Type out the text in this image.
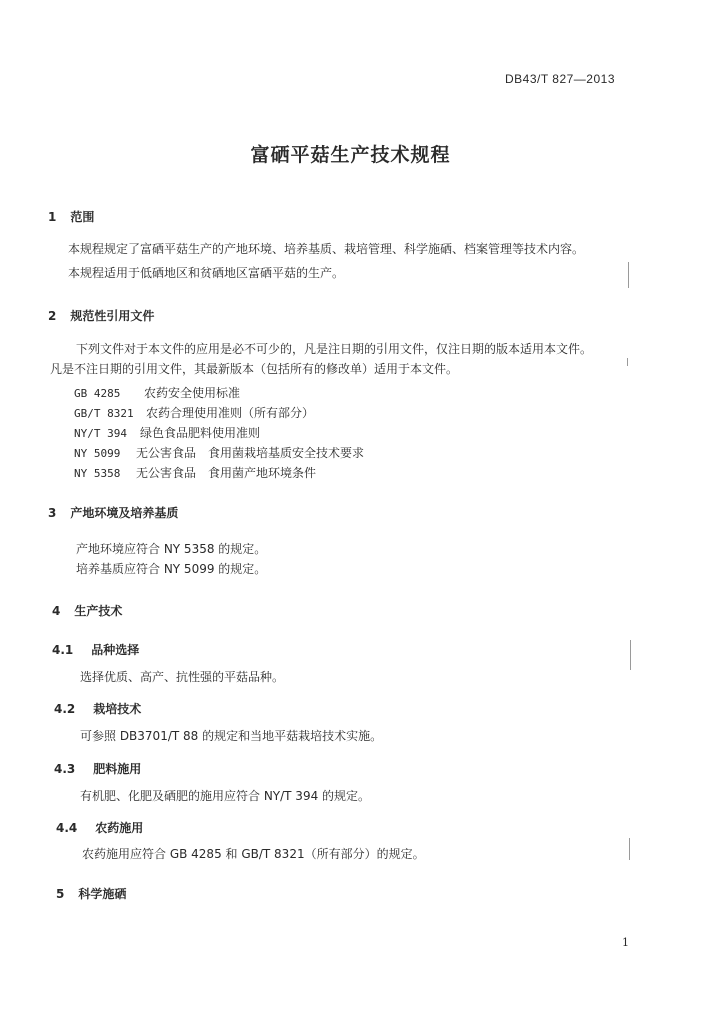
DB43/T 827—2013
富硒平菇生产技术规程
1 范围
本规程规定了富硒平菇生产的产地环境、培养基质、栽培管理、科学施硒、档案管理等技术内容。
本规程适用于低硒地区和贫硒地区富硒平菇的生产。
2 规范性引用文件
下列文件对于本文件的应用是必不可少的，凡是注日期的引用文件，仅注日期的版本适用本文件。
凡是不注日期的引用文件，其最新版本（包括所有的修改单）适用于本文件。
GB 4285 农药安全使用标准
GB/T 8321 农药合理使用准则（所有部分）
NY/T 394 绿色食品肥料使用准则
NY 5099 无公害食品　食用菌栽培基质安全技术要求
NY 5358 无公害食品　食用菌产地环境条件
3 产地环境及培养基质
产地环境应符合 NY 5358 的规定。
培养基质应符合 NY 5099 的规定。
4 生产技术
4.1 品种选择
选择优质、高产、抗性强的平菇品种。
4.2 栽培技术
可参照 DB3701/T 88 的规定和当地平菇栽培技术实施。
4.3 肥料施用
有机肥、化肥及硒肥的施用应符合 NY/T 394 的规定。
4.4 农药施用
农药施用应符合 GB 4285 和 GB/T 8321（所有部分）的规定。
5 科学施硒
1
